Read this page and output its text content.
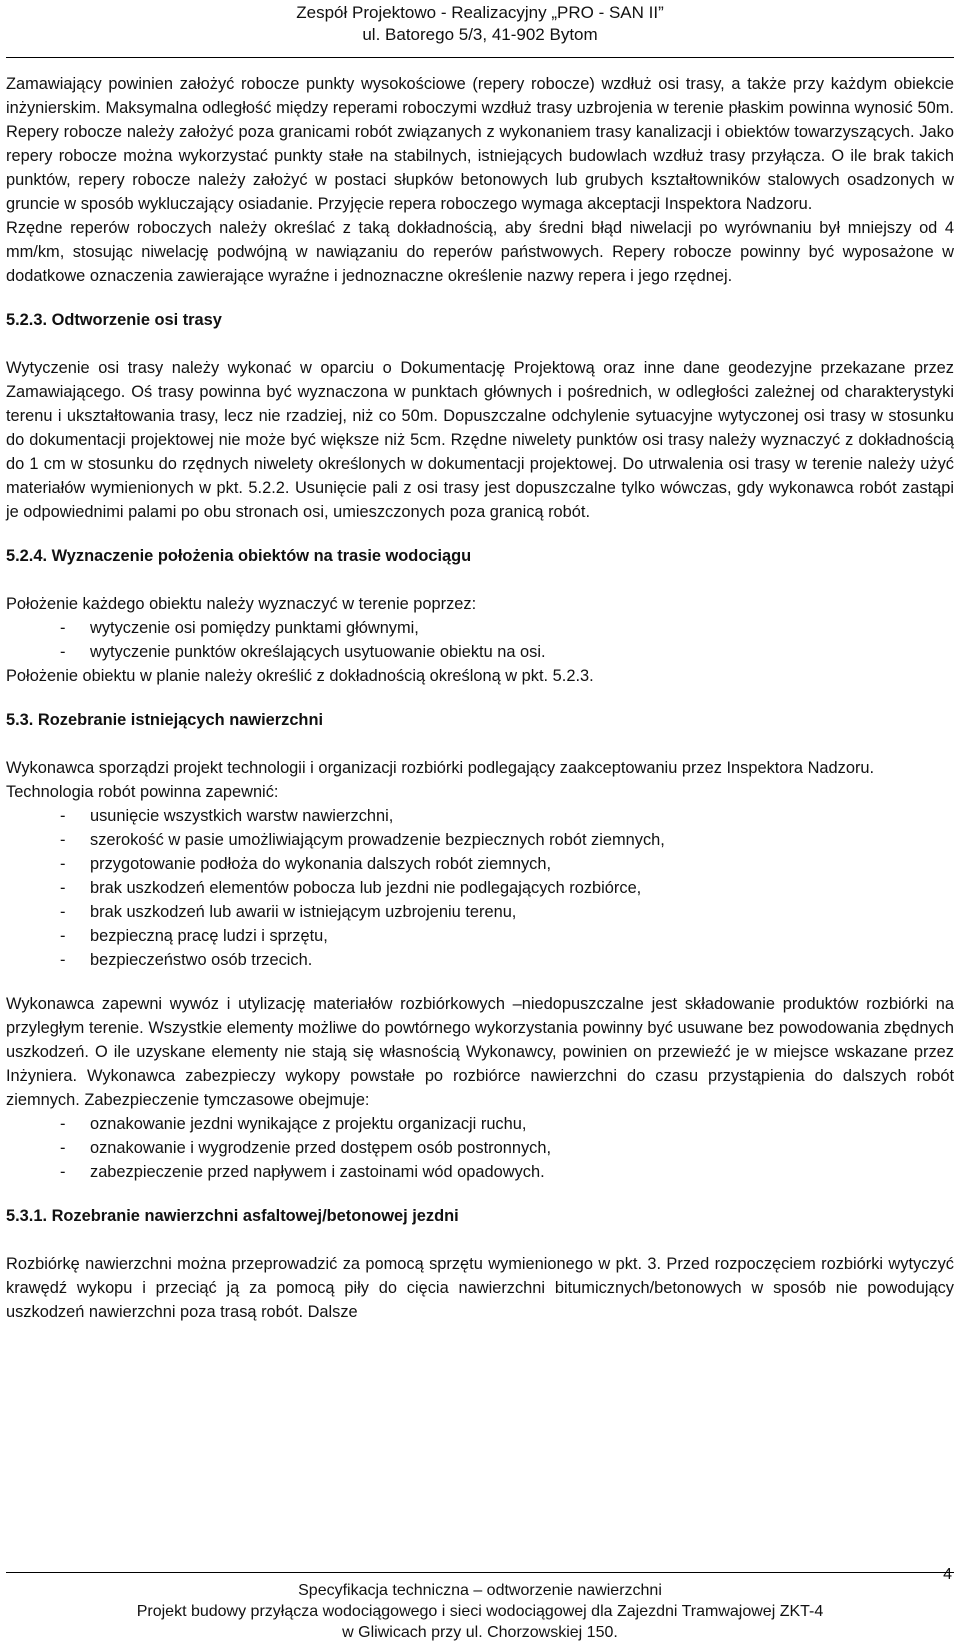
Zespół Projektowo - Realizacyjny „PRO - SAN II”
ul. Batorego 5/3, 41-902 Bytom

Zamawiający powinien założyć robocze punkty wysokościowe (repery robocze) wzdłuż osi trasy, a także przy każdym obiekcie inżynierskim. Maksymalna odległość między reperami roboczymi wzdłuż trasy uzbrojenia w terenie płaskim powinna wynosić 50m. Repery robocze należy założyć poza granicami robót związanych z wykonaniem trasy kanalizacji i obiektów towarzyszących. Jako repery robocze można wykorzystać punkty stałe na stabilnych, istniejących budowlach wzdłuż trasy przyłącza. O ile brak takich punktów, repery robocze należy założyć w postaci słupków betonowych lub grubych kształtowników stalowych osadzonych w gruncie w sposób wykluczający osiadanie. Przyjęcie repera roboczego wymaga akceptacji Inspektora Nadzoru.

Rzędne reperów roboczych należy określać z taką dokładnością, aby średni błąd niwelacji po wyrównaniu był mniejszy od 4 mm/km, stosując niwelację podwójną w nawiązaniu do reperów państwowych. Repery robocze powinny być wyposażone w dodatkowe oznaczenia zawierające wyraźne i jednoznaczne określenie nazwy repera i jego rzędnej.

5.2.3. Odtworzenie osi trasy

Wytyczenie osi trasy należy wykonać w oparciu o Dokumentację Projektową oraz inne dane geodezyjne przekazane przez Zamawiającego. Oś trasy powinna być wyznaczona w punktach głównych i pośrednich, w odległości zależnej od charakterystyki terenu i ukształtowania trasy, lecz nie rzadziej, niż co 50m. Dopuszczalne odchylenie sytuacyjne wytyczonej osi trasy w stosunku do dokumentacji projektowej nie może być większe niż 5cm. Rzędne niwelety punktów osi trasy należy wyznaczyć z dokładnością do 1 cm w stosunku do rzędnych niwelety określonych w dokumentacji projektowej. Do utrwalenia osi trasy w terenie należy użyć materiałów wymienionych w pkt. 5.2.2. Usunięcie pali z osi trasy jest dopuszczalne tylko wówczas, gdy wykonawca robót zastąpi je odpowiednimi palami po obu stronach osi, umieszczonych poza granicą robót.

5.2.4. Wyznaczenie położenia obiektów na trasie wodociągu

Położenie każdego obiektu należy wyznaczyć w terenie poprzez:

- wytyczenie osi pomiędzy punktami głównymi,
- wytyczenie punktów określających usytuowanie obiektu na osi.

Położenie obiektu w planie należy określić z dokładnością określoną w pkt. 5.2.3.

5.3. Rozebranie istniejących nawierzchni

Wykonawca sporządzi projekt technologii i organizacji rozbiórki podlegający zaakceptowaniu przez Inspektora Nadzoru.

Technologia robót powinna zapewnić:

- usunięcie wszystkich warstw nawierzchni,
- szerokość w pasie umożliwiającym prowadzenie bezpiecznych robót ziemnych,
- przygotowanie podłoża do wykonania dalszych robót ziemnych,
- brak uszkodzeń elementów pobocza lub jezdni nie podlegających rozbiórce,
- brak uszkodzeń lub awarii w istniejącym uzbrojeniu terenu,
- bezpieczną pracę ludzi i sprzętu,
- bezpieczeństwo osób trzecich.

Wykonawca zapewni wywóz i utylizację materiałów rozbiórkowych –niedopuszczalne jest składowanie produktów rozbiórki na przyległym terenie. Wszystkie elementy możliwe do powtórnego wykorzystania powinny być usuwane bez powodowania zbędnych uszkodzeń. O ile uzyskane elementy nie stają się własnością Wykonawcy, powinien on przewieźć je w miejsce wskazane przez Inżyniera. Wykonawca zabezpieczy wykopy powstałe po rozbiórce nawierzchni do czasu przystąpienia do dalszych robót ziemnych. Zabezpieczenie tymczasowe obejmuje:

- oznakowanie jezdni wynikające z projektu organizacji ruchu,
- oznakowanie i wygrodzenie przed dostępem osób postronnych,
- zabezpieczenie przed napływem i zastoinami wód opadowych.
5.3.1. Rozebranie nawierzchni asfaltowej/betonowej jezdni

Rozbiórkę nawierzchni można przeprowadzić za pomocą sprzętu wymienionego w pkt. 3. Przed rozpoczęciem rozbiórki wytyczyć krawędź wykopu i przeciąć ją za pomocą piły do cięcia nawierzchni bitumicznych/betonowych w sposób nie powodujący uszkodzeń nawierzchni poza trasą robót. Dalsze

4
Specyfikacja techniczna – odtworzenie nawierzchni
Projekt budowy przyłącza wodociągowego i sieci wodociągowej dla Zajezdni Tramwajowej ZKT-4
w Gliwicach przy ul. Chorzowskiej 150.
